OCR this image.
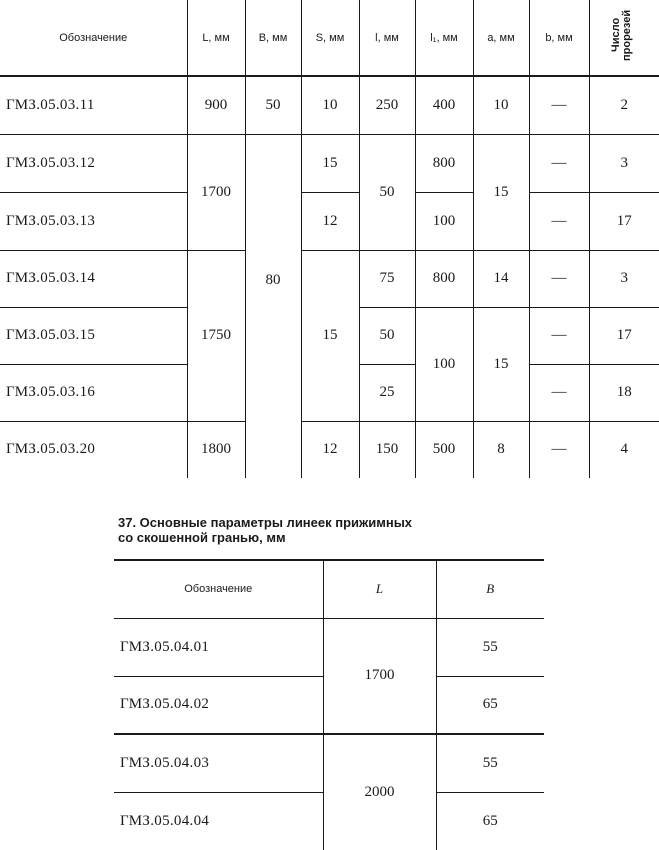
Обозначение	L, мм	B, мм	S, мм	l, мм	l₁, мм	a, мм	b, мм	Число прорезей
ГМЗ.05.03.11	900	50	10	250	400	10	—	2
ГМЗ.05.03.12	1700	80	15	50	800	15	—	3
ГМЗ.05.03.13			12		100		—	17
ГМЗ.05.03.14	1750		15	75	800	14	—	3
ГМЗ.05.03.15				50	100	15	—	17
ГМЗ.05.03.16				25			—	18
ГМЗ.05.03.20	1800		12	150	500	8	—	4
37. Основные параметры линеек прижимных
со скошенной гранью, мм
Обозначение	L	B
ГМЗ.05.04.01	1700	55
ГМЗ.05.04.02		65
ГМЗ.05.04.03	2000	55
ГМЗ.05.04.04		65
